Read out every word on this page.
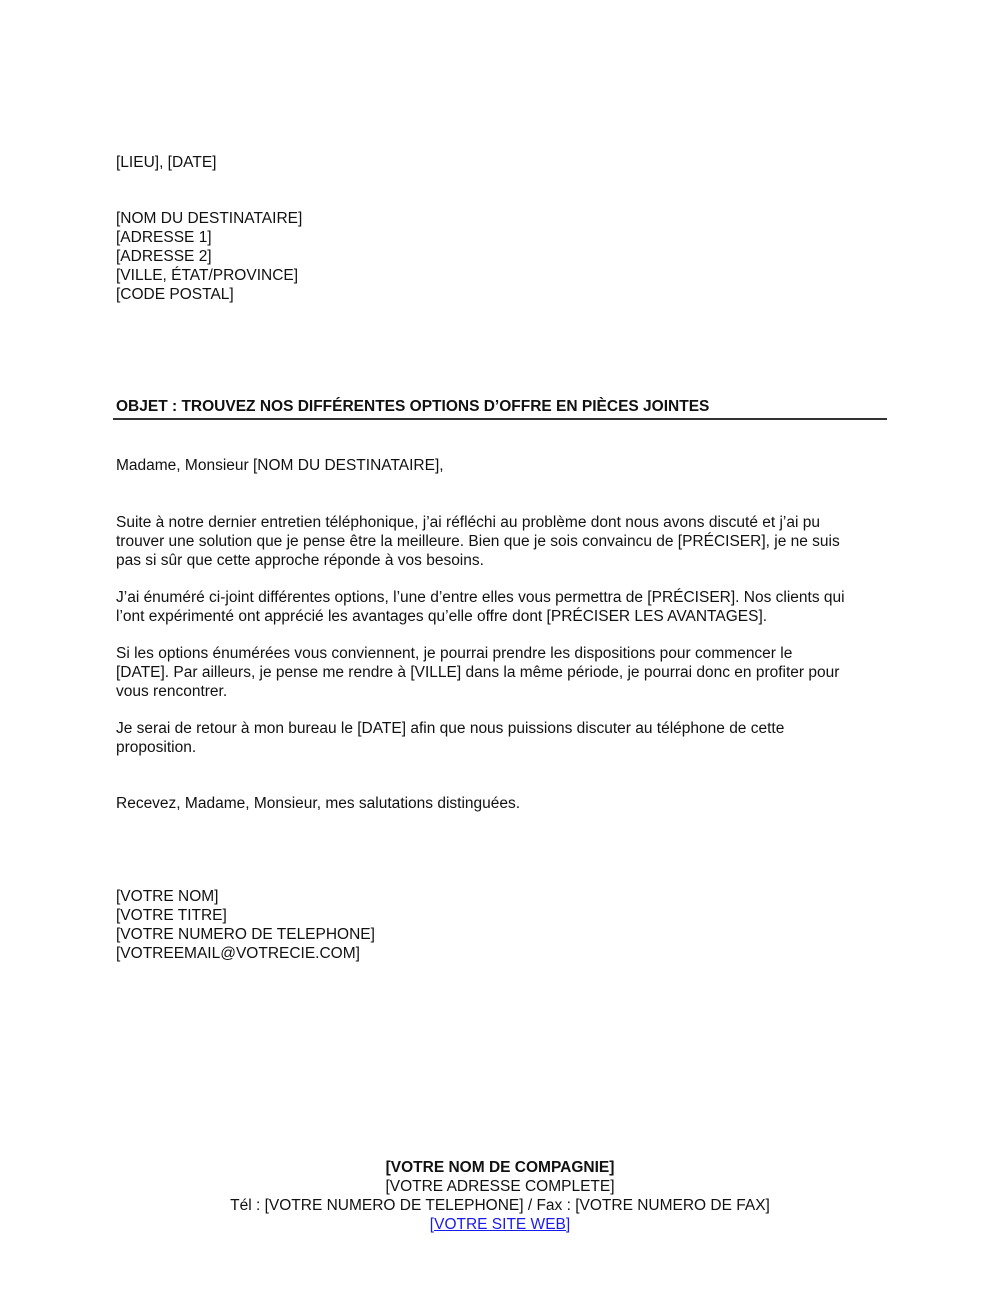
[LIEU], [DATE]
[NOM DU DESTINATAIRE]
[ADRESSE 1]
[ADRESSE 2]
[VILLE, ÉTAT/PROVINCE]
[CODE POSTAL]
OBJET : TROUVEZ NOS DIFFÉRENTES OPTIONS D’OFFRE EN PIÈCES JOINTES
Madame, Monsieur [NOM DU DESTINATAIRE],
Suite à notre dernier entretien téléphonique, j’ai réfléchi au problème dont nous avons discuté et j’ai pu
trouver une solution que je pense être la meilleure. Bien que je sois convaincu de [PRÉCISER], je ne suis
pas si sûr que cette approche réponde à vos besoins.
J’ai énuméré ci-joint différentes options, l’une d’entre elles vous permettra de [PRÉCISER]. Nos clients qui
l’ont expérimenté ont apprécié les avantages qu’elle offre dont [PRÉCISER LES AVANTAGES].
Si les options énumérées vous conviennent, je pourrai prendre les dispositions pour commencer le
[DATE]. Par ailleurs, je pense me rendre à [VILLE] dans la même période, je pourrai donc en profiter pour
vous rencontrer.
Je serai de retour à mon bureau le [DATE] afin que nous puissions discuter au téléphone de cette
proposition.
Recevez, Madame, Monsieur, mes salutations distinguées.
[VOTRE NOM]
[VOTRE TITRE]
[VOTRE NUMERO DE TELEPHONE]
[VOTREEMAIL@VOTRECIE.COM]
[VOTRE NOM DE COMPAGNIE]
[VOTRE ADRESSE COMPLETE]
Tél : [VOTRE NUMERO DE TELEPHONE] / Fax : [VOTRE NUMERO DE FAX]
[VOTRE SITE WEB]
